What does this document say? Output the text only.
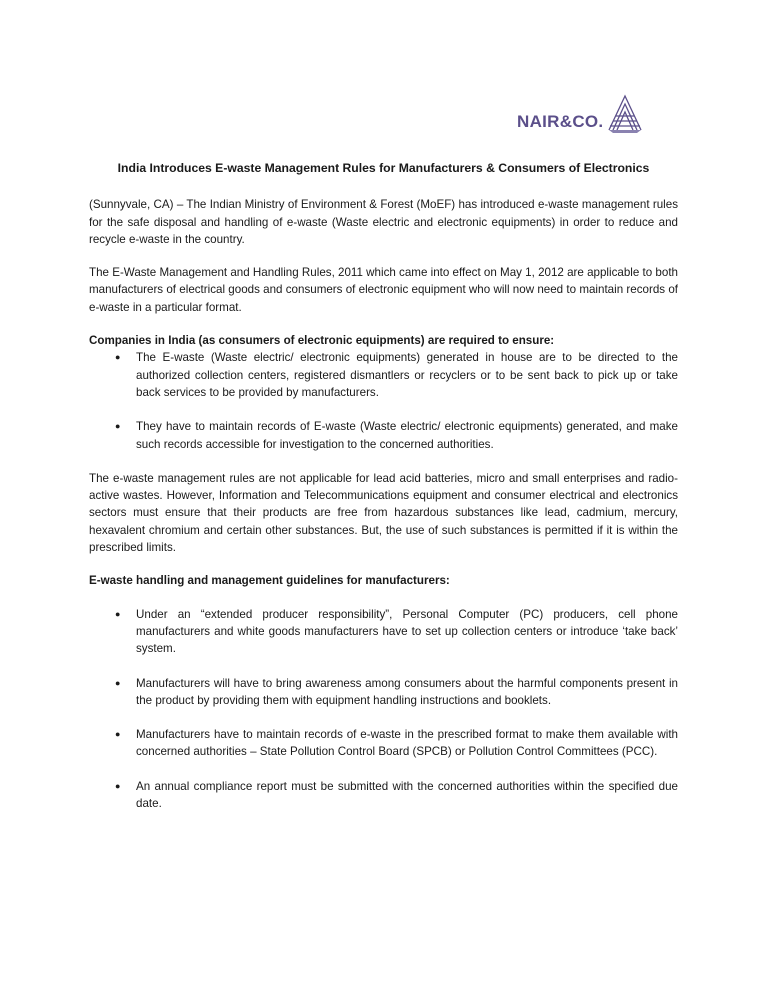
NAIR&CO.
India Introduces E-waste Management Rules for Manufacturers & Consumers of Electronics

(Sunnyvale, CA) – The Indian Ministry of Environment & Forest (MoEF) has introduced e-waste management rules for the safe disposal and handling of e-waste (Waste electric and electronic equipments) in order to reduce and recycle e-waste in the country.

The E-Waste Management and Handling Rules, 2011 which came into effect on May 1, 2012 are applicable to both manufacturers of electrical goods and consumers of electronic equipment who will now need to maintain records of e-waste in a particular format.

Companies in India (as consumers of electronic equipments) are required to ensure:
● The E-waste (Waste electric/ electronic equipments) generated in house are to be directed to the authorized collection centers, registered dismantlers or recyclers or to be sent back to pick up or take back services to be provided by manufacturers.
● They have to maintain records of E-waste (Waste electric/ electronic equipments) generated, and make such records accessible for investigation to the concerned authorities.

The e-waste management rules are not applicable for lead acid batteries, micro and small enterprises and radio-active wastes. However, Information and Telecommunications equipment and consumer electrical and electronics sectors must ensure that their products are free from hazardous substances like lead, cadmium, mercury, hexavalent chromium and certain other substances. But, the use of such substances is permitted if it is within the prescribed limits.

E-waste handling and management guidelines for manufacturers:
● Under an “extended producer responsibility”, Personal Computer (PC) producers, cell phone manufacturers and white goods manufacturers have to set up collection centers or introduce ‘take back’ system.
● Manufacturers will have to bring awareness among consumers about the harmful components present in the product by providing them with equipment handling instructions and booklets.
● Manufacturers have to maintain records of e-waste in the prescribed format to make them available with concerned authorities – State Pollution Control Board (SPCB) or Pollution Control Committees (PCC).
● An annual compliance report must be submitted with the concerned authorities within the specified due date.
